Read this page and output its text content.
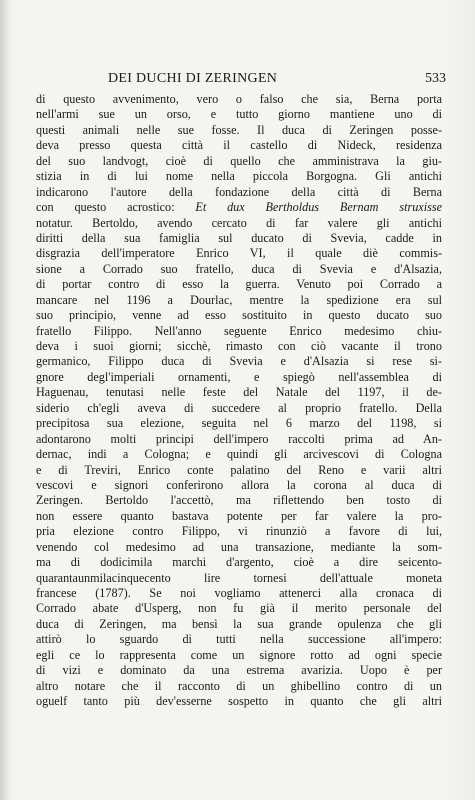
DEI DUCHI DI ZERINGEN	533
di questo avvenimento, vero o falso che sia, Berna porta
nell'armi sue un orso, e tutto giorno mantiene uno di
questi animali nelle sue fosse. Il duca di Zeringen posse-
deva presso questa città il castello di Nideck, residenza
del suo landvogt, cioè di quello che amministrava la giu-
stizia in di lui nome nella piccola Borgogna. Gli antichi
indicarono l'autore della fondazione della città di Berna
con questo acrostico: Et dux Bertholdus Bernam struxisse
notatur. Bertoldo, avendo cercato di far valere gli antichi
diritti della sua famiglia sul ducato di Svevia, cadde in
disgrazia dell'imperatore Enrico VI, il quale diè commis-
sione a Corrado suo fratello, duca di Svevia e d'Alsazia,
di portar contro di esso la guerra. Venuto poi Corrado a
mancare nel 1196 a Dourlac, mentre la spedizione era sul
suo principio, venne ad esso sostituito in questo ducato suo
fratello Filippo. Nell'anno seguente Enrico medesimo chiu-
deva i suoi giorni; sicchè, rimasto con ciò vacante il trono
germanico, Filippo duca di Svevia e d'Alsazia si rese si-
gnore degl'imperiali ornamenti, e spiegò nell'assemblea di
Haguenau, tenutasi nelle feste del Natale del 1197, il de-
siderio ch'egli aveva di succedere al proprio fratello. Della
precipitosa sua elezione, seguita nel 6 marzo del 1198, si
adontarono molti principi dell'impero raccolti prima ad An-
dernac, indi a Cologna; e quindi gli arcivescovi di Cologna
e di Treviri, Enrico conte palatino del Reno e varii altri
vescovi e signori conferirono allora la corona al duca di
Zeringen. Bertoldo l'accettò, ma riflettendo ben tosto di
non essere quanto bastava potente per far valere la pro-
pria elezione contro Filippo, vi rinunziò a favore di lui,
venendo col medesimo ad una transazione, mediante la som-
ma di dodicimila marchi d'argento, cioè a dire seicento-
quarantaunmilacinquecento lire tornesi dell'attuale moneta
francese (1787). Se noi vogliamo attenerci alla cronaca di
Corrado abate d'Usperg, non fu già il merito personale del
duca di Zeringen, ma bensì la sua grande opulenza che gli
attirò lo sguardo di tutti nella successione all'impero:
egli ce lo rappresenta come un signore rotto ad ogni specie
di vizi e dominato da una estrema avarizia. Uopo è per
altro notare che il racconto di un ghibellino contro di un
oguelf tanto più dev'esserne sospetto in quanto che gli altri
